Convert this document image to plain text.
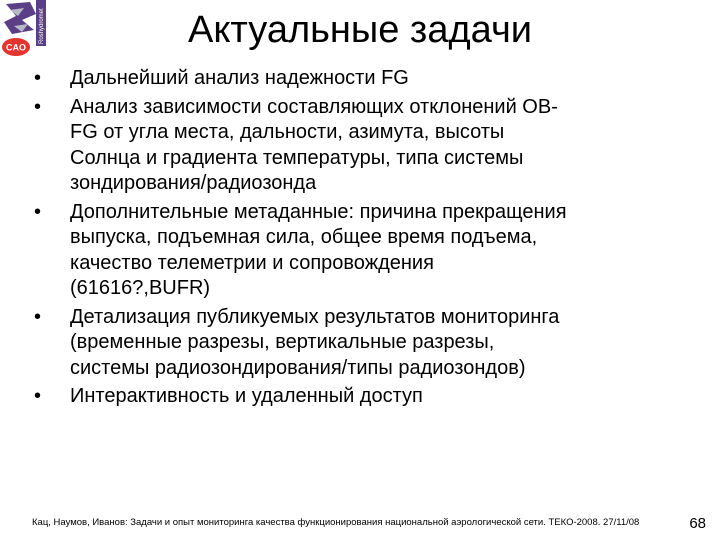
Roshydromet
CAO	Актуальные задачи
• Дальнейший анализ надежности FG
• Анализ зависимости составляющих отклонений OB-
FG от угла места, дальности, азимута, высоты
Солнца и градиента температуры, типа системы
зондирования/радиозонда
• Дополнительные метаданные: причина прекращения
выпуска, подъемная сила, общее время подъема,
качество телеметрии и сопровождения
(61616?,BUFR)
• Детализация публикуемых результатов мониторинга
(временные разрезы, вертикальные разрезы,
системы радиозондирования/типы радиозондов)
• Интерактивность и удаленный доступ
Кац, Наумов, Иванов: Задачи и опыт мониторинга качества функционирования национальной аэрологической сети. ТЕКО-2008. 27/11/08	68
